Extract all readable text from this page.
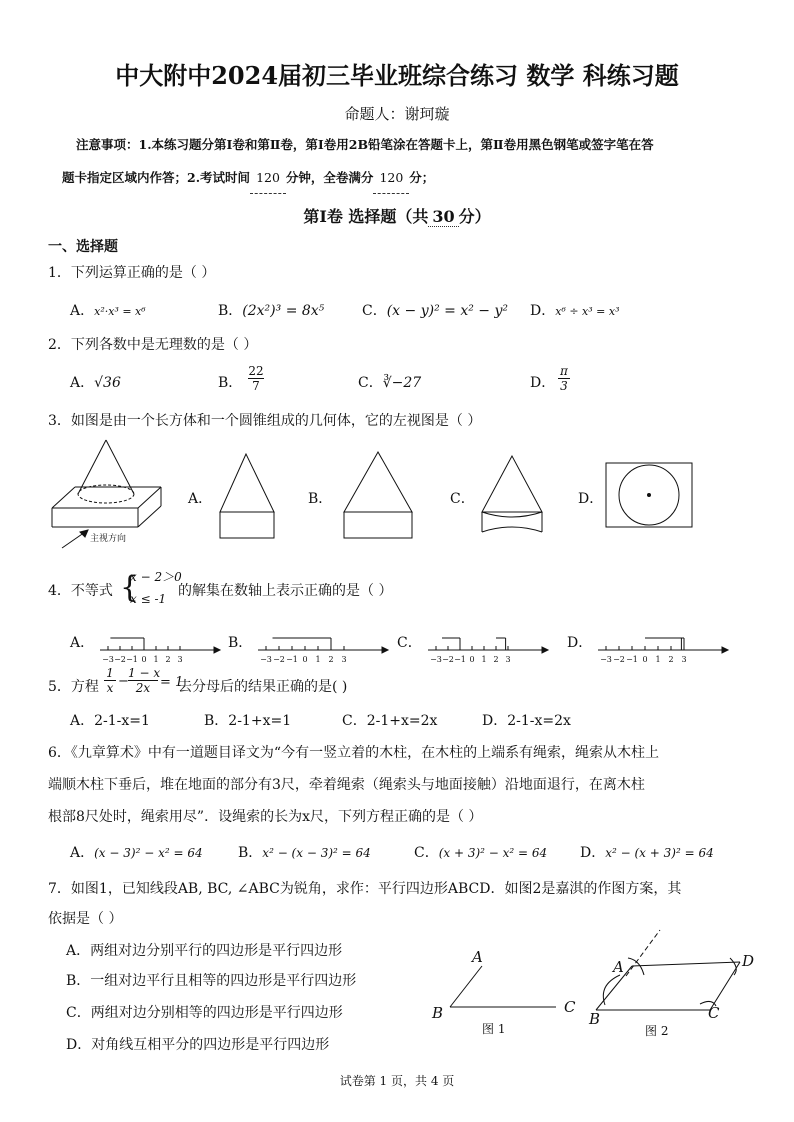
中大附中2024届初三毕业班综合练习 数学 科练习题
命题人：谢珂璇
注意事项：1.本练习题分第Ⅰ卷和第Ⅱ卷，第Ⅰ卷用2B铅笔涂在答题卡上，第Ⅱ卷用黑色钢笔或签字笔在答
题卡指定区域内作答；2.考试时间 120 分钟，全卷满分 120 分；
第Ⅰ卷 选择题（共 30 分）
一、选择题
1．下列运算正确的是（ ）
A．x²·x³ = x⁶	B．(2x²)³ = 8x⁵	C．(x − y)² = x² − y² D．x⁶ ÷ x³ = x³
2．下列各数中是无理数的是（ ）
A．√36	B． $\frac{22}{7}$	C．∛−27	D． $\frac{\pi}{3}$
3．如图是由一个长方体和一个圆锥组成的几何体，它的左视图是（ ）
主视方向
A．	B．	C．	D．
4．不等式 {
x − 2＞0
x ≤ -1 的解集在数轴上表示正确的是（ ）
A．	B．	C．	D．
−3 −2 −1 0 1 2 3	−3 −2 −1 0 1 2 3	−3 −2 −1 0 1 2 3	−3 −2 −1 0 1 2 3
5．方程 $\frac{1}{x} - \frac{1 - x}{2x} = 1$
去分母后的结果正确的是( )
A．2-1-x=1	B．2-1+x=1	C．2-1+x=2x	D．2-1-x=2x
6．《九章算术》中有一道题目译文为“今有一竖立着的木柱，在木柱的上端系有绳索，绳索从木柱上
端顺木柱下垂后，堆在地面的部分有3尺，牵着绳索（绳索头与地面接触）沿地面退行，在离木柱
根部8尺处时，绳索用尽”．设绳索的长为x尺，下列方程正确的是（ ）
A．(x − 3)² − x² = 64	B．x² − (x − 3)² = 64	C．(x + 3)² − x² = 64 D．x² − (x + 3)² = 64
7．如图1，已知线段AB, BC, ∠ABC为锐角，求作：平行四边形ABCD．如图2是嘉淇的作图方案，其
依据是（ ）
A．两组对边分别平行的四边形是平行四边形
B．一组对边平行且相等的四边形是平行四边形
C．两组对边分别相等的四边形是平行四边形
D．对角线互相平分的四边形是平行四边形
A
B	C
图 1
A
B	C
D
图 2
试卷第 1 页，共 4 页
